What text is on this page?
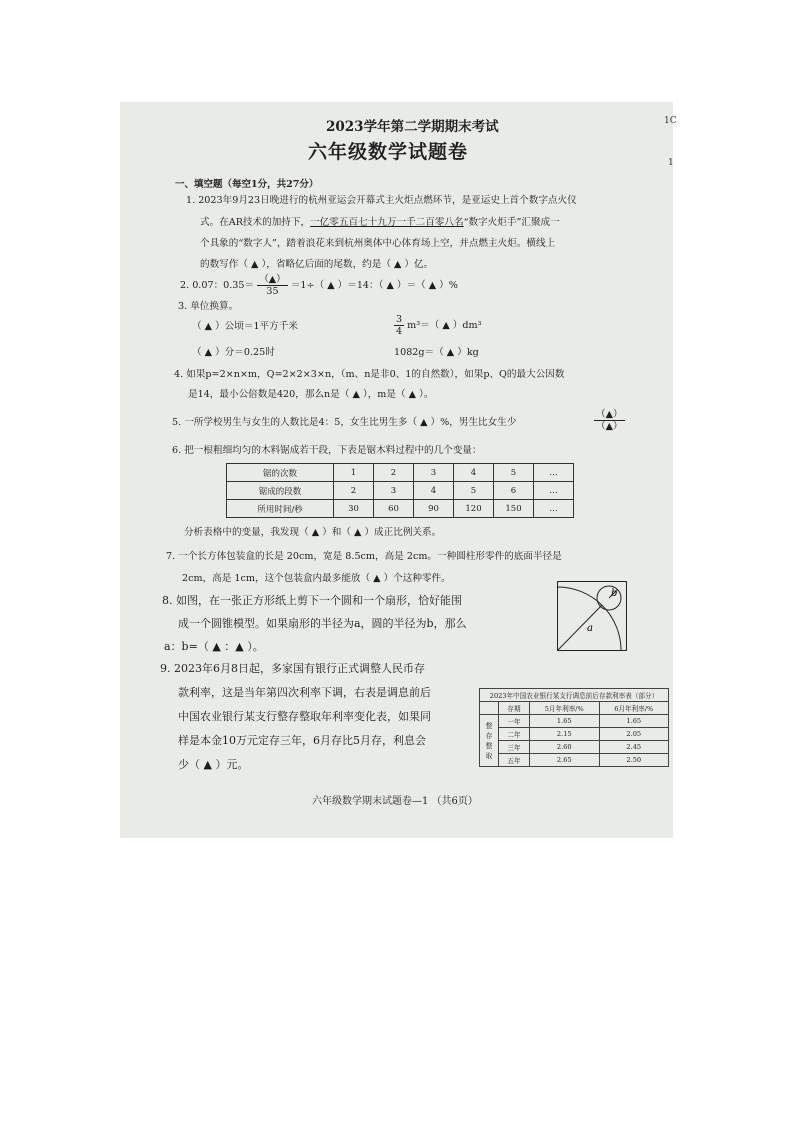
2023学年第二学期期末考试
六年级数学试题卷
1C
1
一、填空题（每空1分，共27分）
1. 2023年9月23日晚进行的杭州亚运会开幕式主火炬点燃环节，是亚运史上首个数字点火仪
式。在AR技术的加持下，一亿零五百七十九万一千二百零八名“数字火炬手”汇聚成一
个具象的“数字人”，踏着浪花来到杭州奥体中心体育场上空，并点燃主火炬。横线上
的数写作（ ▲ ），省略亿后面的尾数，约是（ ▲ ）亿。
2. 0.07：$0.35= \frac{(▲)}{35} =1\div$（ ▲ ）＝14：（ ▲ ）＝（ ▲ ）%
3. 单位换算。
（ ▲ ）公顷＝1平方千米	$\frac{3}{4} m^3=$（ ▲ ）dm³
（ ▲ ）分＝0.25时	1082g＝（ ▲ ）kg
4. 如果p=2×n×m，Q=2×2×3×n，（m、n是非0、1的自然数），如果p、Q的最大公因数
是14，最小公倍数是420，那么n是（ ▲ ），m是（ ▲ ）。
5. 一所学校男生与女生的人数比是4：5，女生比男生多（ ▲ ）%，男生比女生少	$\frac{(▲)}{(▲)}$
6. 把一根粗细均匀的木料锯成若干段，下表是锯木料过程中的几个变量：
锯的次数	1	2	3	4	5	…
锯成的段数	2	3	4	5	6	…
所用时间/秒	30	60	90	120	150	…
分析表格中的变量，我发现（ ▲ ）和（ ▲ ）成正比例关系。
7. 一个长方体包装盒的长是 20cm，宽是 8.5cm，高是 2cm。一种圆柱形零件的底面半径是
2cm，高是 1cm，这个包装盒内最多能放（ ▲ ）个这种零件。
8. 如图，在一张正方形纸上剪下一个圆和一个扇形，恰好能围
成一个圆锥模型。如果扇形的半径为a，圆的半径为b，那么
a：b=（ ▲ ：▲ ）。
a
b
9. 2023年6月8日起，多家国有银行正式调整人民币存
款利率，这是当年第四次利率下调，右表是调息前后
中国农业银行某支行整存整取年利率变化表，如果同
样是本金10万元定存三年，6月存比5月存，利息会
少（ ▲ ）元。
2023年中国农业银行某支行调息前后存款利率表（部分）			
	存期	5月年利率/%	6月年利率/%
整存整取	一年	1.65	1.65
	二年	2.15	2.05
	三年	2.60	2.45
	五年	2.65	2.50
六年级数学期末试题卷—1 （共6页）
